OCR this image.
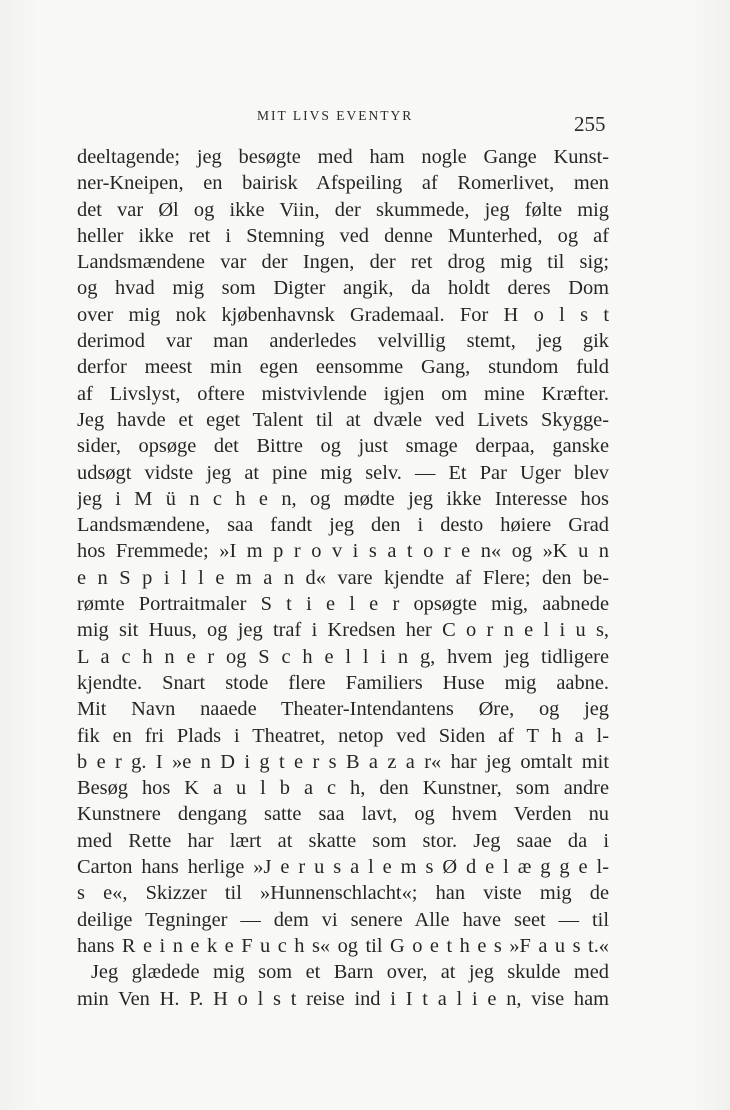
MIT LIVS EVENTYR	255
deeltagende; jeg besøgte med ham nogle Gange Kunst-
ner-Kneipen, en bairisk Afspeiling af Romerlivet, men
det var Øl og ikke Viin, der skummede, jeg følte mig
heller ikke ret i Stemning ved denne Munterhed, og af
Landsmændene var der Ingen, der ret drog mig til sig;
og hvad mig som Digter angik, da holdt deres Dom
over mig nok kjøbenhavnsk Grademaal. For H o l s t
derimod var man anderledes velvillig stemt, jeg gik
derfor meest min egen eensomme Gang, stundom fuld
af Livslyst, oftere mistvivlende igjen om mine Kræfter.
Jeg havde et eget Talent til at dvæle ved Livets Skygge-
sider, opsøge det Bittre og just smage derpaa, ganske
udsøgt vidste jeg at pine mig selv. — Et Par Uger blev
jeg i M ü n c h e n, og mødte jeg ikke Interesse hos
Landsmændene, saa fandt jeg den i desto høiere Grad
hos Fremmede; »I m p r o v i s a t o r e n« og »K u n
e n S p i l l e m a n d« vare kjendte af Flere; den be-
rømte Portraitmaler S t i e l e r opsøgte mig, aabnede
mig sit Huus, og jeg traf i Kredsen her C o r n e l i u s,
L a c h n e r og S c h e l l i n g, hvem jeg tidligere
kjendte. Snart stode flere Familiers Huse mig aabne.
Mit Navn naaede Theater-Intendantens Øre, og jeg
fik en fri Plads i Theatret, netop ved Siden af T h a l-
b e r g. I »e n D i g t e r s B a z a r« har jeg omtalt mit
Besøg hos K a u l b a c h, den Kunstner, som andre
Kunstnere dengang satte saa lavt, og hvem Verden nu
med Rette har lært at skatte som stor. Jeg saae da i
Carton hans herlige »J e r u s a l e m s Ø d e l æ g g e l-
s e«, Skizzer til »Hunnenschlacht«; han viste mig de
deilige Tegninger — dem vi senere Alle have seet — til
hans R e i n e k e F u c h s« og til G o e t h e s »F a u s t.«
Jeg glædede mig som et Barn over, at jeg skulde med
min Ven H. P. H o l s t reise ind i I t a l i e n, vise ham
